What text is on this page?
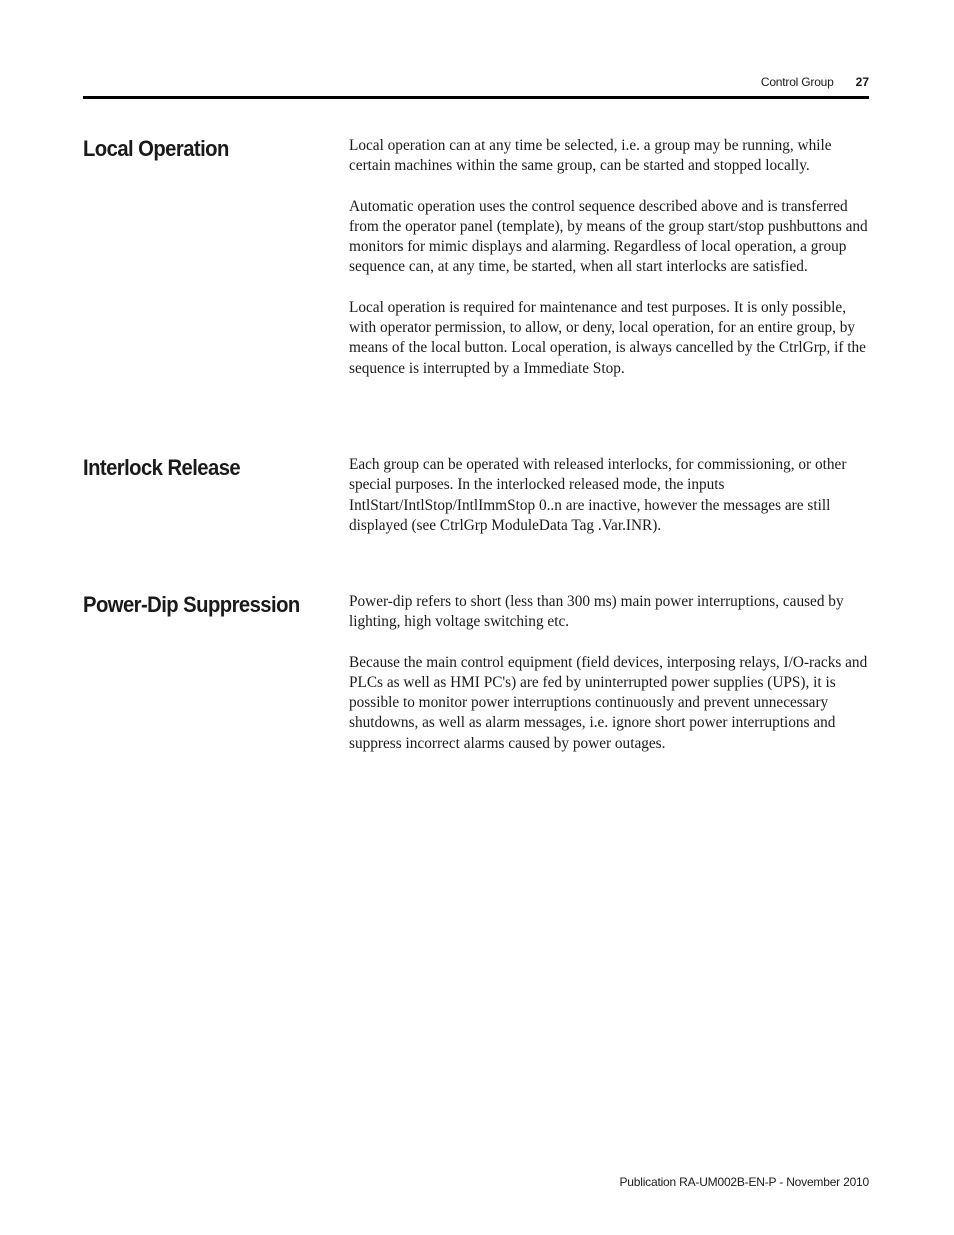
Control Group 27
Local Operation	Local operation can at any time be selected, i.e. a group may be running, while certain machines within the same group, can be started and stopped locally.

Automatic operation uses the control sequence described above and is transferred from the operator panel (template), by means of the group start/stop pushbuttons and monitors for mimic displays and alarming. Regardless of local operation, a group sequence can, at any time, be started, when all start interlocks are satisfied.

Local operation is required for maintenance and test purposes. It is only possible, with operator permission, to allow, or deny, local operation, for an entire group, by means of the local button. Local operation, is always cancelled by the CtrlGrp, if the sequence is interrupted by a Immediate Stop.

Interlock Release	Each group can be operated with released interlocks, for commissioning, or other special purposes. In the interlocked released mode, the inputs IntlStart/IntlStop/IntlImmStop 0..n are inactive, however the messages are still displayed (see CtrlGrp ModuleData Tag .Var.INR).

Power-Dip Suppression	Power-dip refers to short (less than 300 ms) main power interruptions, caused by lighting, high voltage switching etc.

Because the main control equipment (field devices, interposing relays, I/O-racks and PLCs as well as HMI PC's) are fed by uninterrupted power supplies (UPS), it is possible to monitor power interruptions continuously and prevent unnecessary shutdowns, as well as alarm messages, i.e. ignore short power interruptions and suppress incorrect alarms caused by power outages.

Publication RA-UM002B-EN-P - November 2010
